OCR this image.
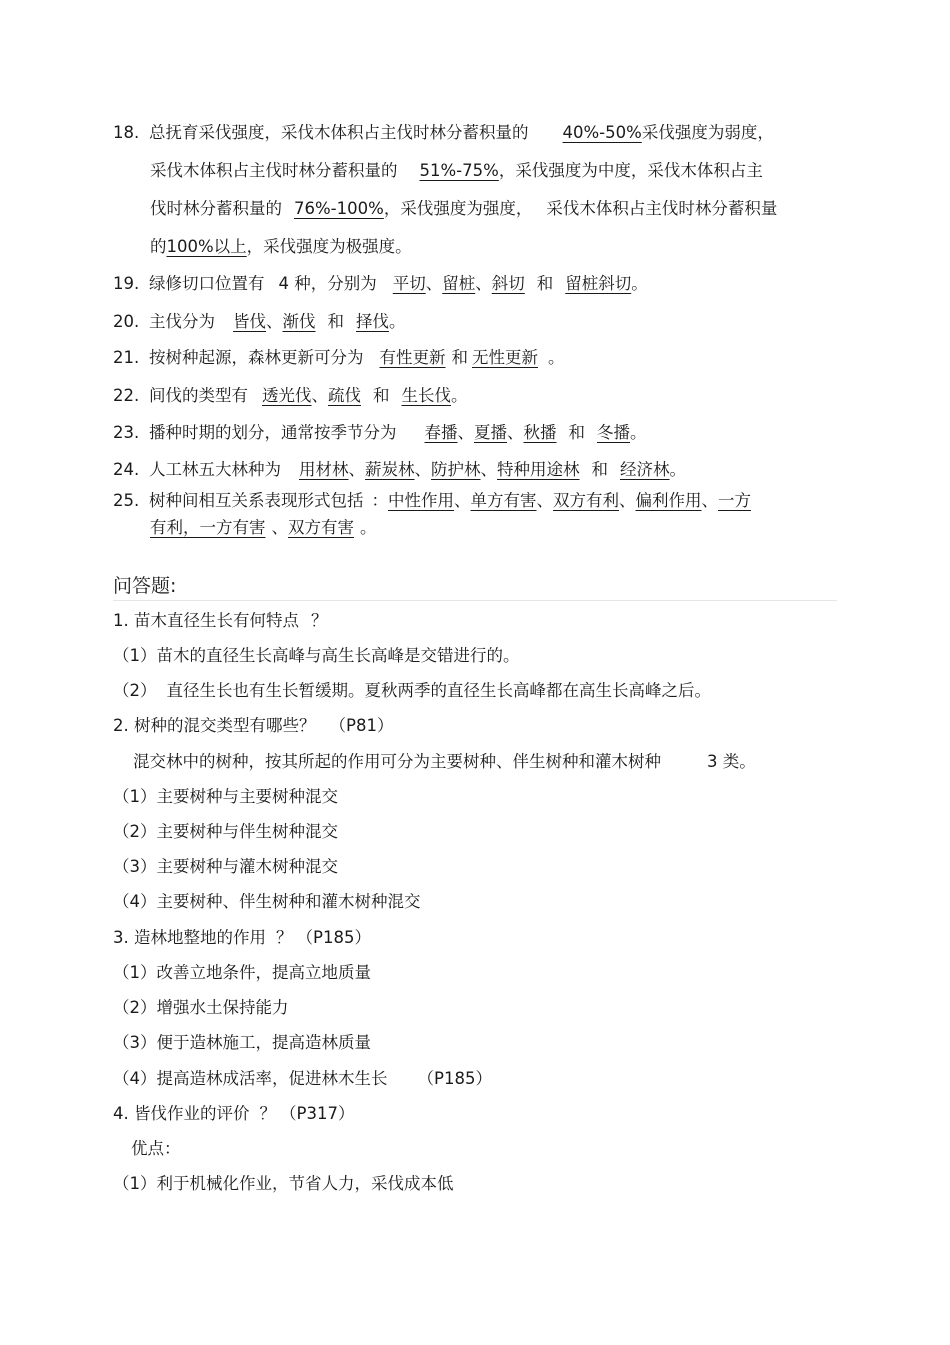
18. 总抚育采伐强度，采伐木体积占主伐时林分蓄积量的 40%-50%采伐强度为弱度，
采伐木体积占主伐时林分蓄积量的 51%-75%，采伐强度为中度，采伐木体积占主
伐时林分蓄积量的 76%-100%，采伐强度为强度， 采伐木体积占主伐时林分蓄积量
的100%以上，采伐强度为极强度。
19. 绿修切口位置有 4 种，分别为 平切、留桩、斜切 和 留桩斜切。
20. 主伐分为 皆伐、渐伐 和 择伐。
21. 按树种起源，森林更新可分为 有性更新 和 无性更新 。
22. 间伐的类型有 透光伐、疏伐 和 生长伐。
23. 播种时期的划分，通常按季节分为 春播、夏播、秋播 和 冬播。
24. 人工林五大林种为 用材林、薪炭林、防护林、特种用途林 和 经济林。
25. 树种间相互关系表现形式包括 ：中性作用、单方有害、双方有利、偏利作用、一方
有利，一方有害 、双方有害 。
问答题:
1. 苗木直径生长有何特点 ？
（1）苗木的直径生长高峰与高生长高峰是交错进行的。
（2） 直径生长也有生长暂缓期。夏秋两季的直径生长高峰都在高生长高峰之后。
2. 树种的混交类型有哪些？ （P81）
混交林中的树种，按其所起的作用可分为主要树种、伴生树种和灌木树种	3 类。
（1）主要树种与主要树种混交
（2）主要树种与伴生树种混交
（3）主要树种与灌木树种混交
（4）主要树种、伴生树种和灌木树种混交
3. 造林地整地的作用 ？ （P185）
（1）改善立地条件，提高立地质量
（2）增强水土保持能力
（3）便于造林施工，提高造林质量
（4）提高造林成活率，促进林木生长 （P185）
4. 皆伐作业的评价 ？ （P317）
优点：
（1）利于机械化作业，节省人力，采伐成本低
